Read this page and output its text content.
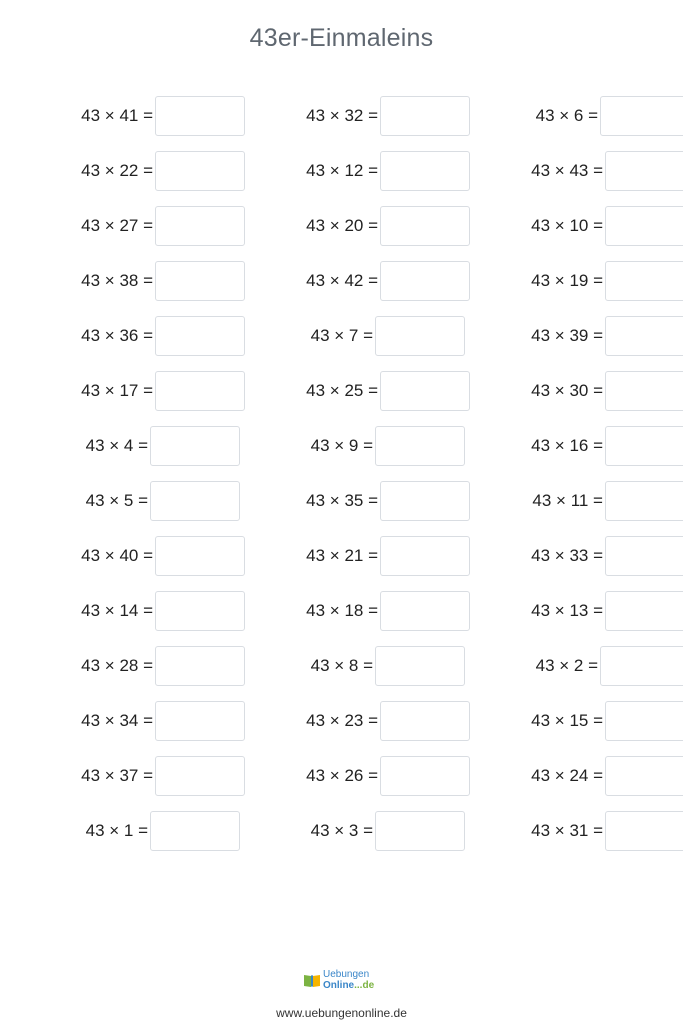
43er-Einmaleins
43 × 41 =	43 × 32 =	43 × 6 =
43 × 22 =	43 × 12 =	43 × 43 =
43 × 27 =	43 × 20 =	43 × 10 =
43 × 38 =	43 × 42 =	43 × 19 =
43 × 36 =	43 × 7 =	43 × 39 =
43 × 17 =	43 × 25 =	43 × 30 =
43 × 4 =	43 × 9 =	43 × 16 =
43 × 5 =	43 × 35 =	43 × 11 =
43 × 40 =	43 × 21 =	43 × 33 =
43 × 14 =	43 × 18 =	43 × 13 =
43 × 28 =	43 × 8 =	43 × 2 =
43 × 34 =	43 × 23 =	43 × 15 =
43 × 37 =	43 × 26 =	43 × 24 =
43 × 1 =	43 × 3 =	43 × 31 =
Uebungen
Online...de
www.uebungenonline.de
